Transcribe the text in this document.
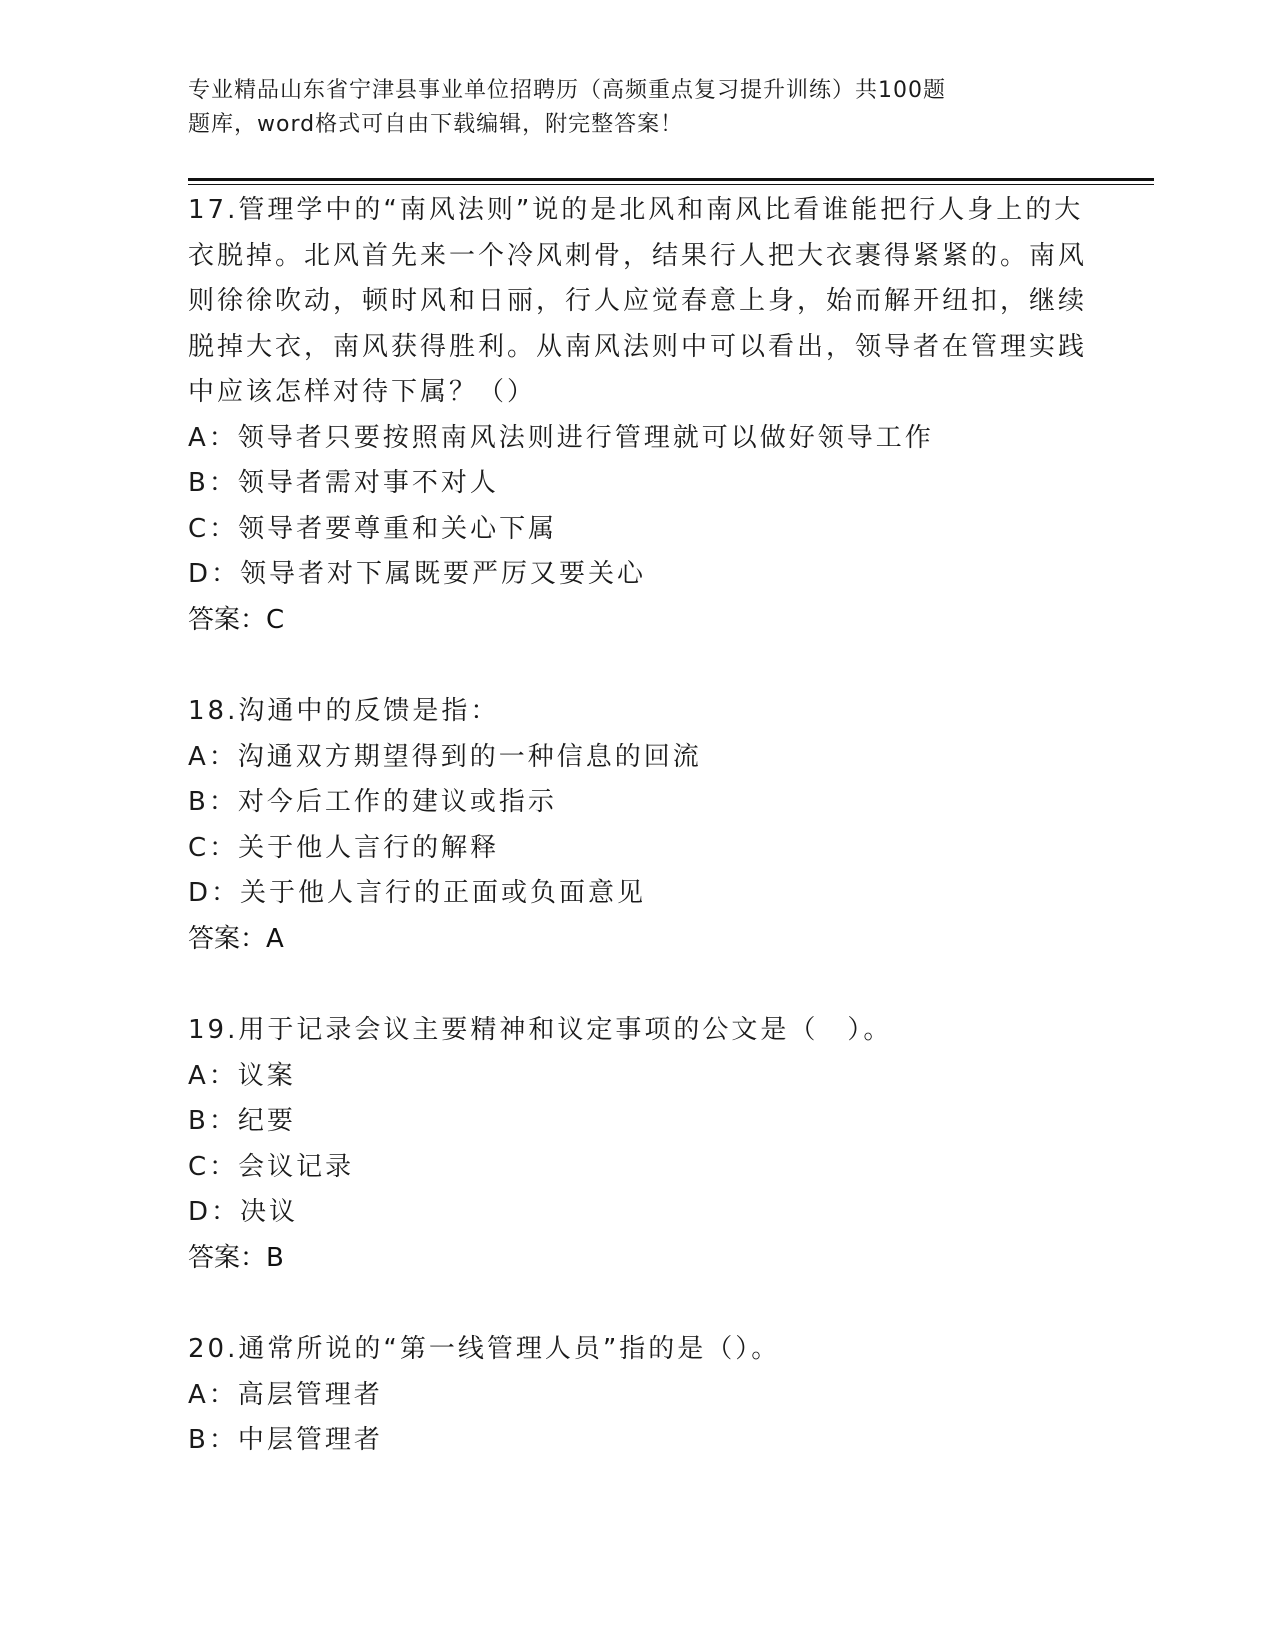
专业精品山东省宁津县事业单位招聘历（高频重点复习提升训练）共100题
题库，word格式可自由下载编辑，附完整答案！

17.管理学中的“南风法则”说的是北风和南风比看谁能把行人身上的大衣脱掉。北风首先来一个冷风刺骨，结果行人把大衣裹得紧紧的。南风则徐徐吹动，顿时风和日丽，行人应觉春意上身，始而解开纽扣，继续脱掉大衣，南风获得胜利。从南风法则中可以看出，领导者在管理实践中应该怎样对待下属？（）

A：领导者只要按照南风法则进行管理就可以做好领导工作

B：领导者需对事不对人

C：领导者要尊重和关心下属

D：领导者对下属既要严厉又要关心

答案：C

18.沟通中的反馈是指：

A：沟通双方期望得到的一种信息的回流

B：对今后工作的建议或指示

C：关于他人言行的解释

D：关于他人言行的正面或负面意见

答案：A

19.用于记录会议主要精神和议定事项的公文是（　）。

A：议案

B：纪要

C：会议记录

D：决议

答案：B

20.通常所说的“第一线管理人员”指的是（）。

A：高层管理者

B：中层管理者
